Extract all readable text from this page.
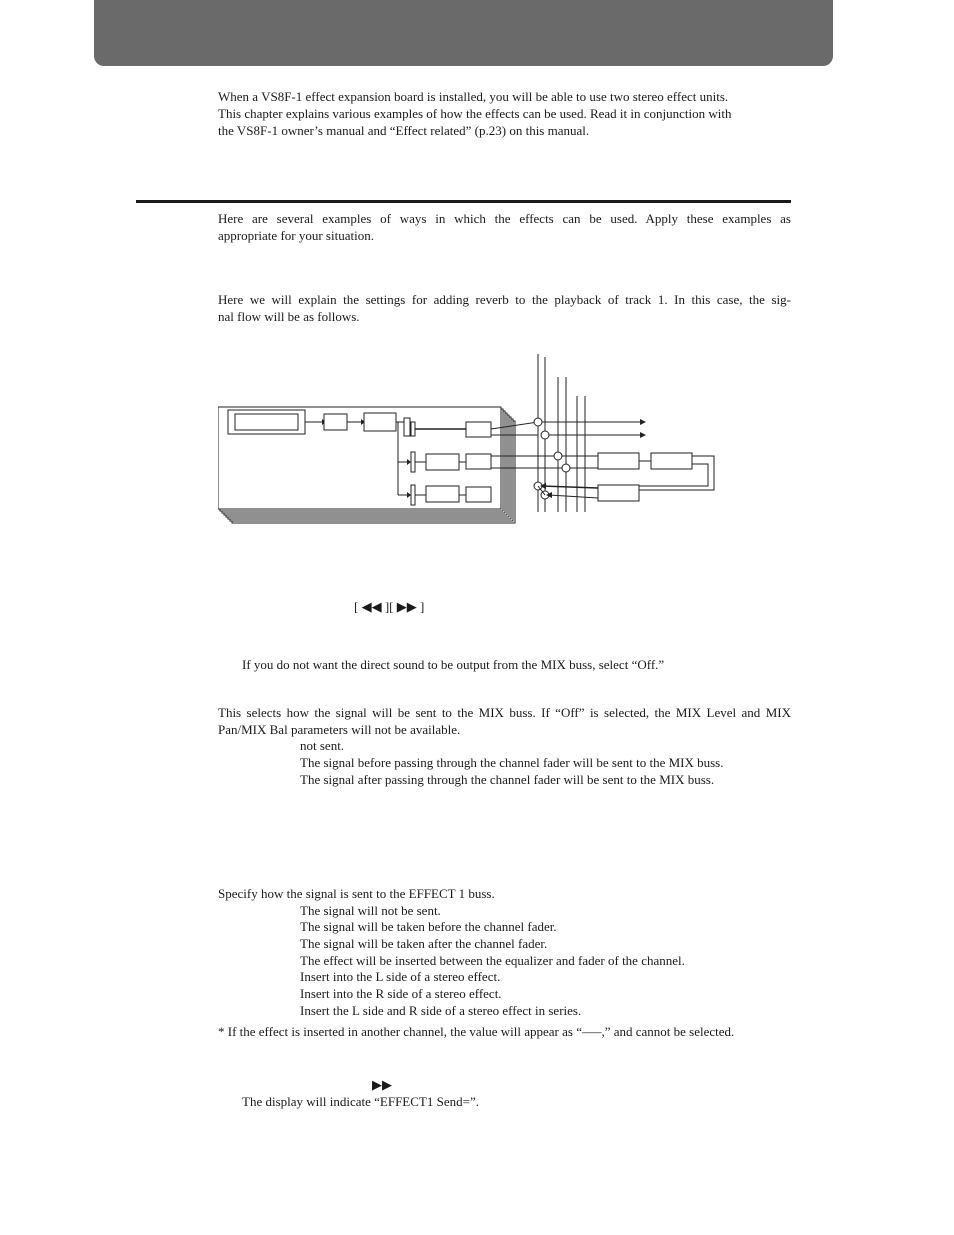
When a VS8F-1 effect expansion board is installed, you will be able to use two stereo effect units.

This chapter explains various examples of how the effects can be used. Read it in conjunction with

the VS8F-1 owner’s manual and “Effect related” (p.23) on this manual.

Here are several examples of ways in which the effects can be used. Apply these examples as

appropriate for your situation.

Here we will explain the settings for adding reverb to the playback of track 1. In this case, the sig-

nal flow will be as follows.

[ ◀◀ ][ ▶▶ ]

If you do not want the direct sound to be output from the MIX buss, select “Off.”

This selects how the signal will be sent to the MIX buss. If “Off” is selected, the MIX Level and MIX

Pan/MIX Bal parameters will not be available.

not sent.

The signal before passing through the channel fader will be sent to the MIX buss.

The signal after passing through the channel fader will be sent to the MIX buss.

Specify how the signal is sent to the EFFECT 1 buss.

The signal will not be sent.

The signal will be taken before the channel fader.

The signal will be taken after the channel fader.

The effect will be inserted between the equalizer and fader of the channel.

Insert into the L side of a stereo effect.

Insert into the R side of a stereo effect.

Insert the L side and R side of a stereo effect in series.

* If the effect is inserted in another channel, the value will appear as “–––,” and cannot be selected.

▶▶

The display will indicate “EFFECT1 Send=”.
